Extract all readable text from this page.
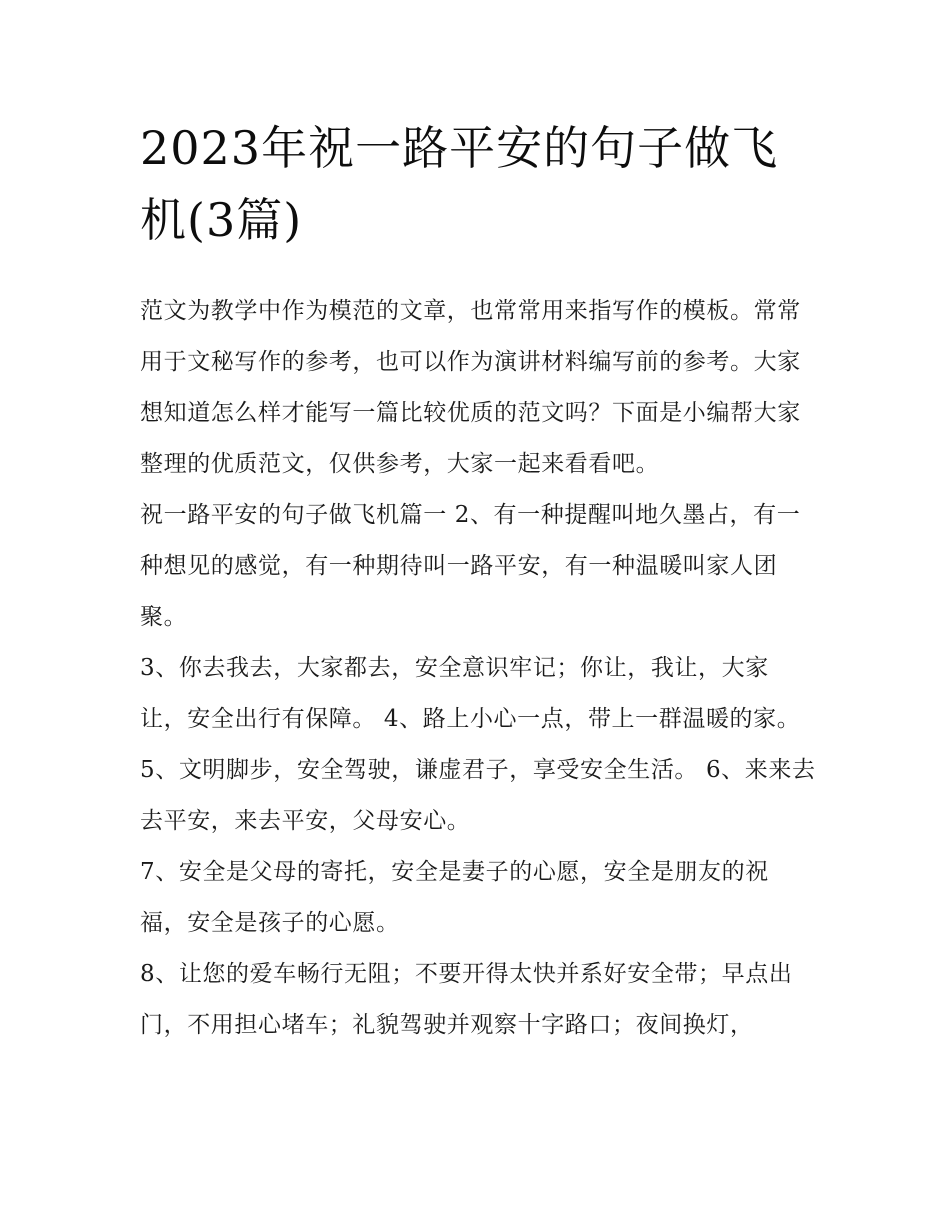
2023年祝一路平安的句子做飞机(3篇)

范文为教学中作为模范的文章，也常常用来指写作的模板。常常用于文秘写作的参考，也可以作为演讲材料编写前的参考。大家想知道怎么样才能写一篇比较优质的范文吗？下面是小编帮大家整理的优质范文，仅供参考，大家一起来看看吧。

祝一路平安的句子做飞机篇一 2、有一种提醒叫地久墨占，有一种想见的感觉，有一种期待叫一路平安，有一种温暖叫家人团聚。

3、你去我去，大家都去，安全意识牢记；你让，我让，大家让，安全出行有保障。 4、路上小心一点，带上一群温暖的家。

5、文明脚步，安全驾驶，谦虚君子，享受安全生活。 6、来来去去平安，来去平安，父母安心。

7、安全是父母的寄托，安全是妻子的心愿，安全是朋友的祝福，安全是孩子的心愿。

8、让您的爱车畅行无阻；不要开得太快并系好安全带；早点出门，不用担心堵车；礼貌驾驶并观察十字路口；夜间换灯，
